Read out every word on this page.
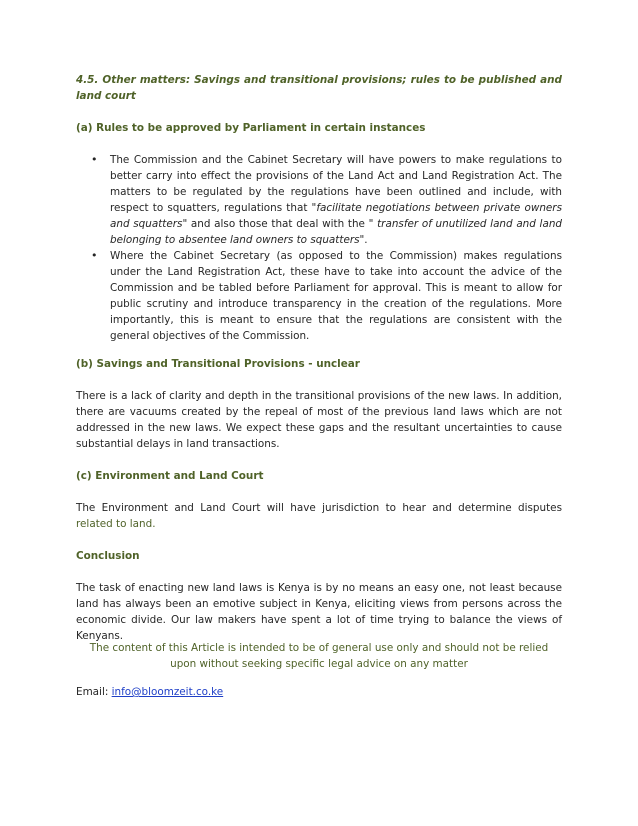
4.5. Other matters: Savings and transitional provisions; rules to be published and land court

(a) Rules to be approved by Parliament in certain instances

• The Commission and the Cabinet Secretary will have powers to make regulations to better carry into effect the provisions of the Land Act and Land Registration Act. The matters to be regulated by the regulations have been outlined and include, with respect to squatters, regulations that "facilitate negotiations between private owners and squatters" and also those that deal with the " transfer of unutilized land and land belonging to absentee land owners to squatters".
• Where the Cabinet Secretary (as opposed to the Commission) makes regulations under the Land Registration Act, these have to take into account the advice of the Commission and be tabled before Parliament for approval. This is meant to allow for public scrutiny and introduce transparency in the creation of the regulations. More importantly, this is meant to ensure that the regulations are consistent with the general objectives of the Commission.

(b) Savings and Transitional Provisions - unclear

There is a lack of clarity and depth in the transitional provisions of the new laws. In addition, there are vacuums created by the repeal of most of the previous land laws which are not addressed in the new laws. We expect these gaps and the resultant uncertainties to cause substantial delays in land transactions.

(c) Environment and Land Court

The Environment and Land Court will have jurisdiction to hear and determine disputes

related to land.

Conclusion

The task of enacting new land laws is Kenya is by no means an easy one, not least because land has always been an emotive subject in Kenya, eliciting views from persons across the economic divide. Our law makers have spent a lot of time trying to balance the views of Kenyans.

Email: info@bloomzeit.co.ke

The content of this Article is intended to be of general use only and should not be relied
upon without seeking specific legal advice on any matter
